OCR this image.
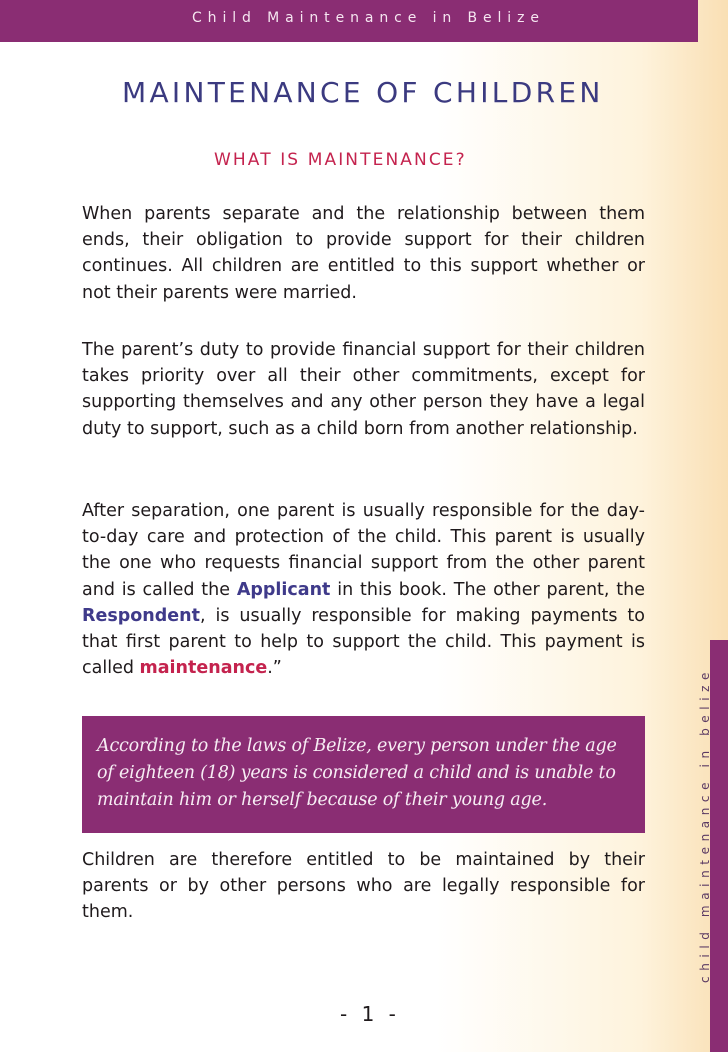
Child Maintenance in Belize
MAINTENANCE OF CHILDREN
WHAT IS MAINTENANCE?

When parents separate and the relationship between them ends, their obligation to provide support for their children continues. All children are entitled to this support whether or not their parents were married.

The parent’s duty to provide financial support for their children takes priority over all their other commitments, except for supporting themselves and any other person they have a legal duty to support, such as a child born from another relationship.

After separation, one parent is usually responsible for the day-to-day care and protection of the child. This parent is usually the one who requests financial support from the other parent and is called the Applicant in this book. The other parent, the Respondent, is usually responsible for making payments to that first parent to help to support the child. This payment is called maintenance.”

According to the laws of Belize, every person under the age

of eighteen (18) years is considered a child and is unable to

maintain him or herself because of their young age.

Children are therefore entitled to be maintained by their parents or by other persons who are legally responsible for them.	child maintenance in belize
- 1 -
